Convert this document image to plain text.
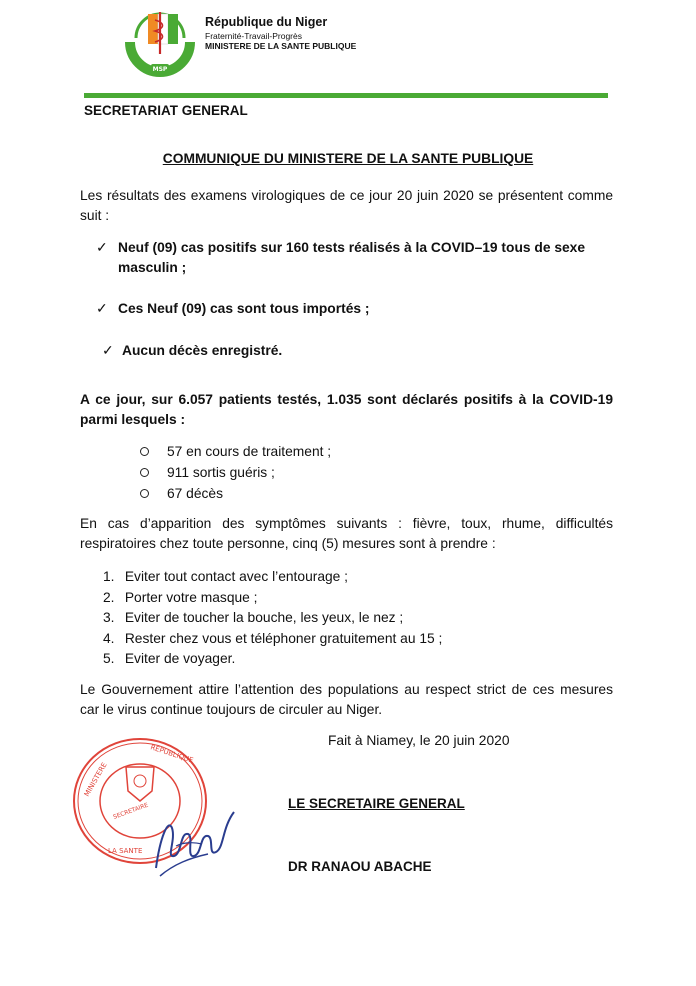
MSP
République du Niger
Fraternité-Travail-Progrès
MINISTERE DE LA SANTE PUBLIQUE
SECRETARIAT GENERAL
COMMUNIQUE DU MINISTERE DE LA SANTE PUBLIQUE

Les résultats des examens virologiques de ce jour 20 juin 2020 se présentent comme suit :

✓ Neuf (09) cas positifs sur 160 tests réalisés à la COVID–19 tous de sexe masculin ;
✓ Ces Neuf (09) cas sont tous importés ;
✓ Aucun décès enregistré.

A ce jour, sur 6.057 patients testés, 1.035 sont déclarés positifs à la COVID-19 parmi lesquels :

57 en cours de traitement ;
911 sortis guéris ;
67 décès

En cas d’apparition des symptômes suivants : fièvre, toux, rhume, difficultés respiratoires chez toute personne, cinq (5) mesures sont à prendre :

1. Eviter tout contact avec l’entourage ;
2. Porter votre masque ;
3. Eviter de toucher la bouche, les yeux, le nez ;
4. Rester chez vous et téléphoner gratuitement au 15 ;
5. Eviter de voyager.

Le Gouvernement attire l’attention des populations au respect strict de ces mesures car le virus continue toujours de circuler au Niger.

Fait à Niamey, le 20 juin 2020
MINISTERE
REPUBLIQUE
LA SANTE
SECRETAIRE	LE SECRETAIRE GENERAL
DR RANAOU ABACHE
